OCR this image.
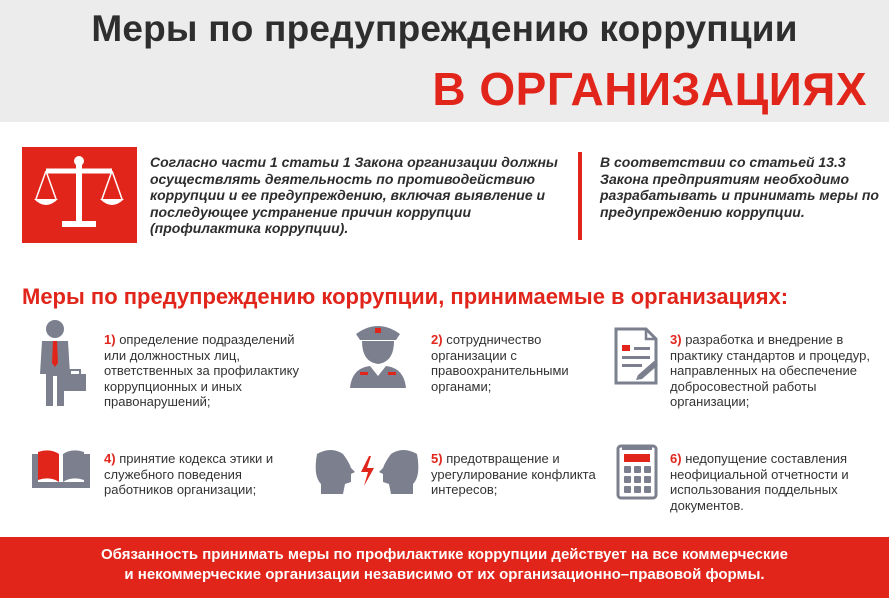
Меры по предупреждению коррупции
В ОРГАНИЗАЦИЯХ
Согласно части 1 статьи 1 Закона организации должны осуществлять деятельность по противодействию коррупции и ее предупреждению, включая выявление и последующее устранение причин коррупции (профилактика коррупции).
В соответствии со статьей 13.3 Закона предприятиям необходимо разрабатывать и принимать меры по предупреждению коррупции.
Меры по предупреждению коррупции, принимаемые в организациях:
1) определение подразделений или должностных лиц, ответственных за профилактику коррупционных и иных правонарушений;
2) сотрудничество организации с правоохранительными органами;
3) разработка и внедрение в практику стандартов и процедур, направленных на обеспечение добросовестной работы организации;
4) принятие кодекса этики и служебного поведения работников организации;
5) предотвращение и урегулирование конфликта интересов;
6) недопущение составления неофициальной отчетности и использования поддельных документов.
Обязанность принимать меры по профилактике коррупции действует на все коммерческие
и некоммерческие организации независимо от их организационно–правовой формы.
